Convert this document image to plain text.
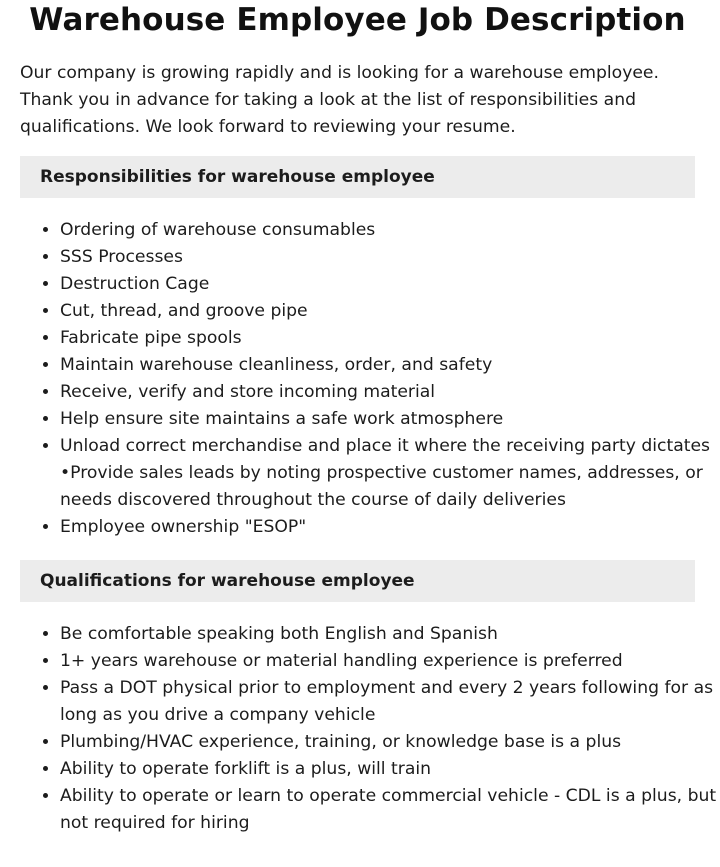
Warehouse Employee Job Description

Our company is growing rapidly and is looking for a warehouse employee. Thank you in advance for taking a look at the list of responsibilities and qualifications. We look forward to reviewing your resume.

Responsibilities for warehouse employee
• Ordering of warehouse consumables
• SSS Processes
• Destruction Cage
• Cut, thread, and groove pipe
• Fabricate pipe spools
• Maintain warehouse cleanliness, order, and safety
• Receive, verify and store incoming material
• Help ensure site maintains a safe work atmosphere
• Unload correct merchandise and place it where the receiving party dictates •Provide sales leads by noting prospective customer names, addresses, or needs discovered throughout the course of daily deliveries
• Employee ownership "ESOP"
Qualifications for warehouse employee
• Be comfortable speaking both English and Spanish
• 1+ years warehouse or material handling experience is preferred
• Pass a DOT physical prior to employment and every 2 years following for as long as you drive a company vehicle
• Plumbing/HVAC experience, training, or knowledge base is a plus
• Ability to operate forklift is a plus, will train
• Ability to operate or learn to operate commercial vehicle - CDL is a plus, but not required for hiring
